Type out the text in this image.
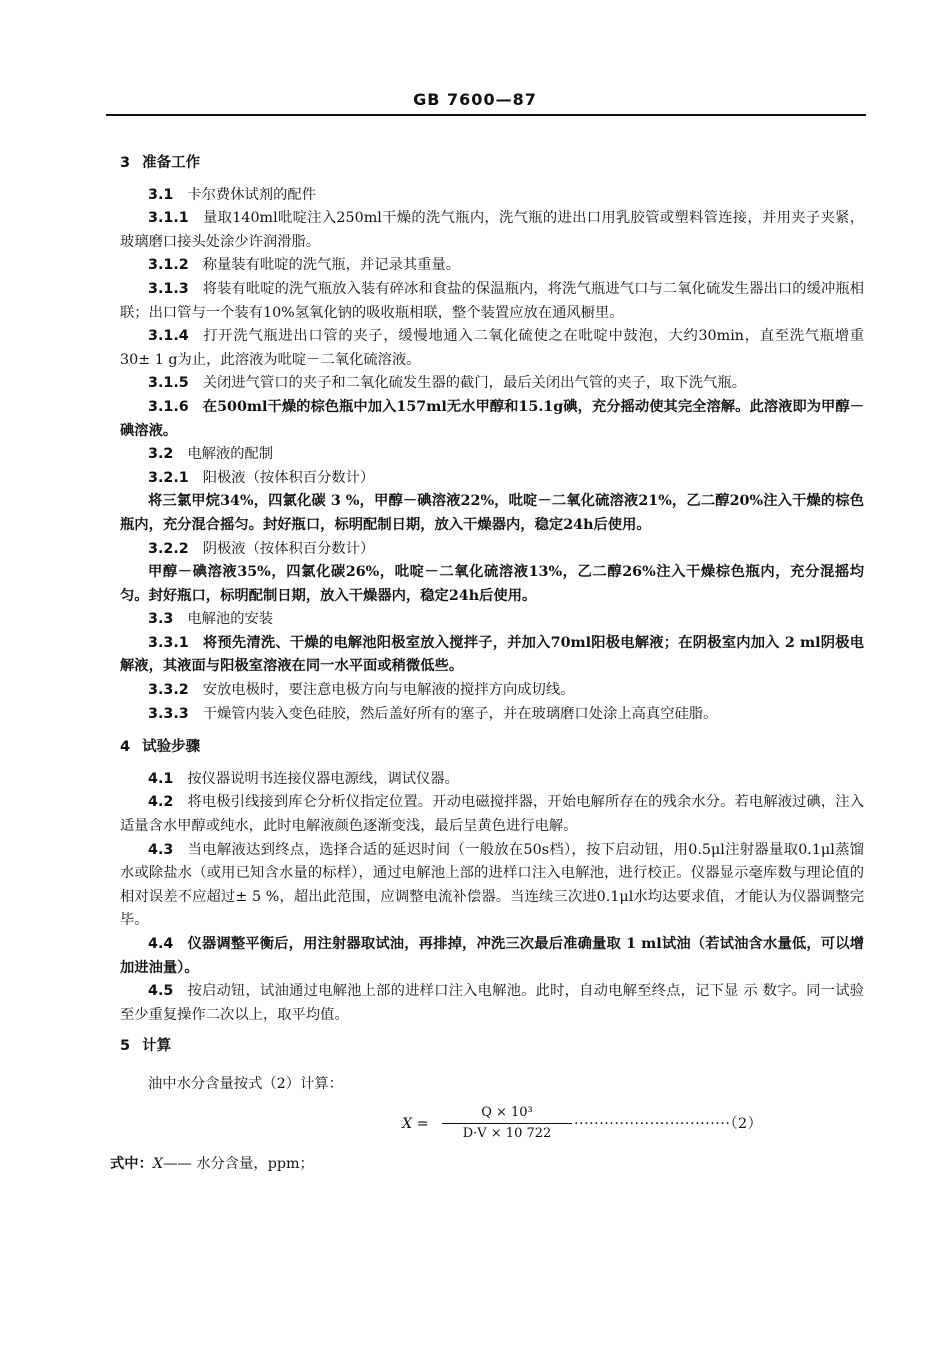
GB 7600—87

3 准备工作

3.1 卡尔费休试剂的配件

3.1.1 量取140ml吡啶注入250ml干燥的洗气瓶内，洗气瓶的进出口用乳胶管或塑料管连接，并用夹子夹紧，玻璃磨口接头处涂少许润滑脂。

3.1.2 称量装有吡啶的洗气瓶，并记录其重量。

3.1.3 将装有吡啶的洗气瓶放入装有碎冰和食盐的保温瓶内，将洗气瓶进气口与二氧化硫发生器出口的缓冲瓶相联；出口管与一个装有10%氢氧化钠的吸收瓶相联，整个装置应放在通风橱里。

3.1.4 打开洗气瓶进出口管的夹子，缓慢地通入二氧化硫使之在吡啶中鼓泡，大约30min，直至洗气瓶增重30± 1 g为止，此溶液为吡啶－二氧化硫溶液。

3.1.5 关闭进气管口的夹子和二氧化硫发生器的截门，最后关闭出气管的夹子，取下洗气瓶。

3.1.6 在500ml干燥的棕色瓶中加入157ml无水甲醇和15.1g碘，充分摇动使其完全溶解。此溶液即为甲醇－碘溶液。

3.2 电解液的配制

3.2.1 阳极液（按体积百分数计）

将三氯甲烷34%，四氯化碳 3 %，甲醇－碘溶液22%，吡啶－二氧化硫溶液21%，乙二醇20%注入干燥的棕色瓶内，充分混合摇匀。封好瓶口，标明配制日期，放入干燥器内，稳定24h后使用。

3.2.2 阴极液（按体积百分数计）

甲醇－碘溶液35%，四氯化碳26%，吡啶－二氧化硫溶液13%，乙二醇26%注入干燥棕色瓶内，充分混摇均匀。封好瓶口，标明配制日期，放入干燥器内，稳定24h后使用。

3.3 电解池的安装

3.3.1 将预先清洗、干燥的电解池阳极室放入搅拌子，并加入70ml阳极电解液；在阴极室内加入 2 ml阴极电解液，其液面与阳极室溶液在同一水平面或稍微低些。

3.3.2 安放电极时，要注意电极方向与电解液的搅拌方向成切线。

3.3.3 干燥管内装入变色硅胶，然后盖好所有的塞子，并在玻璃磨口处涂上高真空硅脂。

4 试验步骤

4.1 按仪器说明书连接仪器电源线，调试仪器。

4.2 将电极引线接到库仑分析仪指定位置。开动电磁搅拌器，开始电解所存在的残余水分。若电解液过碘，注入适量含水甲醇或纯水，此时电解液颜色逐渐变浅，最后呈黄色进行电解。

4.3 当电解液达到终点，选择合适的延迟时间（一般放在50s档），按下启动钮，用0.5μl注射器量取0.1μl蒸馏水或除盐水（或用已知含水量的标样），通过电解池上部的进样口注入电解池，进行校正。仪器显示毫库数与理论值的相对误差不应超过± 5 %，超出此范围，应调整电流补偿器。当连续三次进0.1μl水均达要求值，才能认为仪器调整完毕。

4.4 仪器调整平衡后，用注射器取试油，再排掉，冲洗三次最后准确量取 1 ml试油（若试油含水量低，可以增加进油量）。

4.5 按启动钮，试油通过电解池上部的进样口注入电解池。此时，自动电解至终点，记下显 示 数字。同一试验至少重复操作二次以上，取平均值。

5 计算

油中水分含量按式（2）计算：

$X = \frac{\text{Q × 10³}}{D\cdot V \times 10 722} \cdot\cdot\cdot\cdot\cdot\cdot\cdot\cdot\cdot\cdot\cdot\cdot\cdot\cdot\cdot\cdot\cdot\cdot\cdot\cdot\cdot\cdot\cdot\cdot\cdot\cdot\cdot\cdot\cdot\cdot\cdot(2)$

式中：X—— 水分含量，ppm；
